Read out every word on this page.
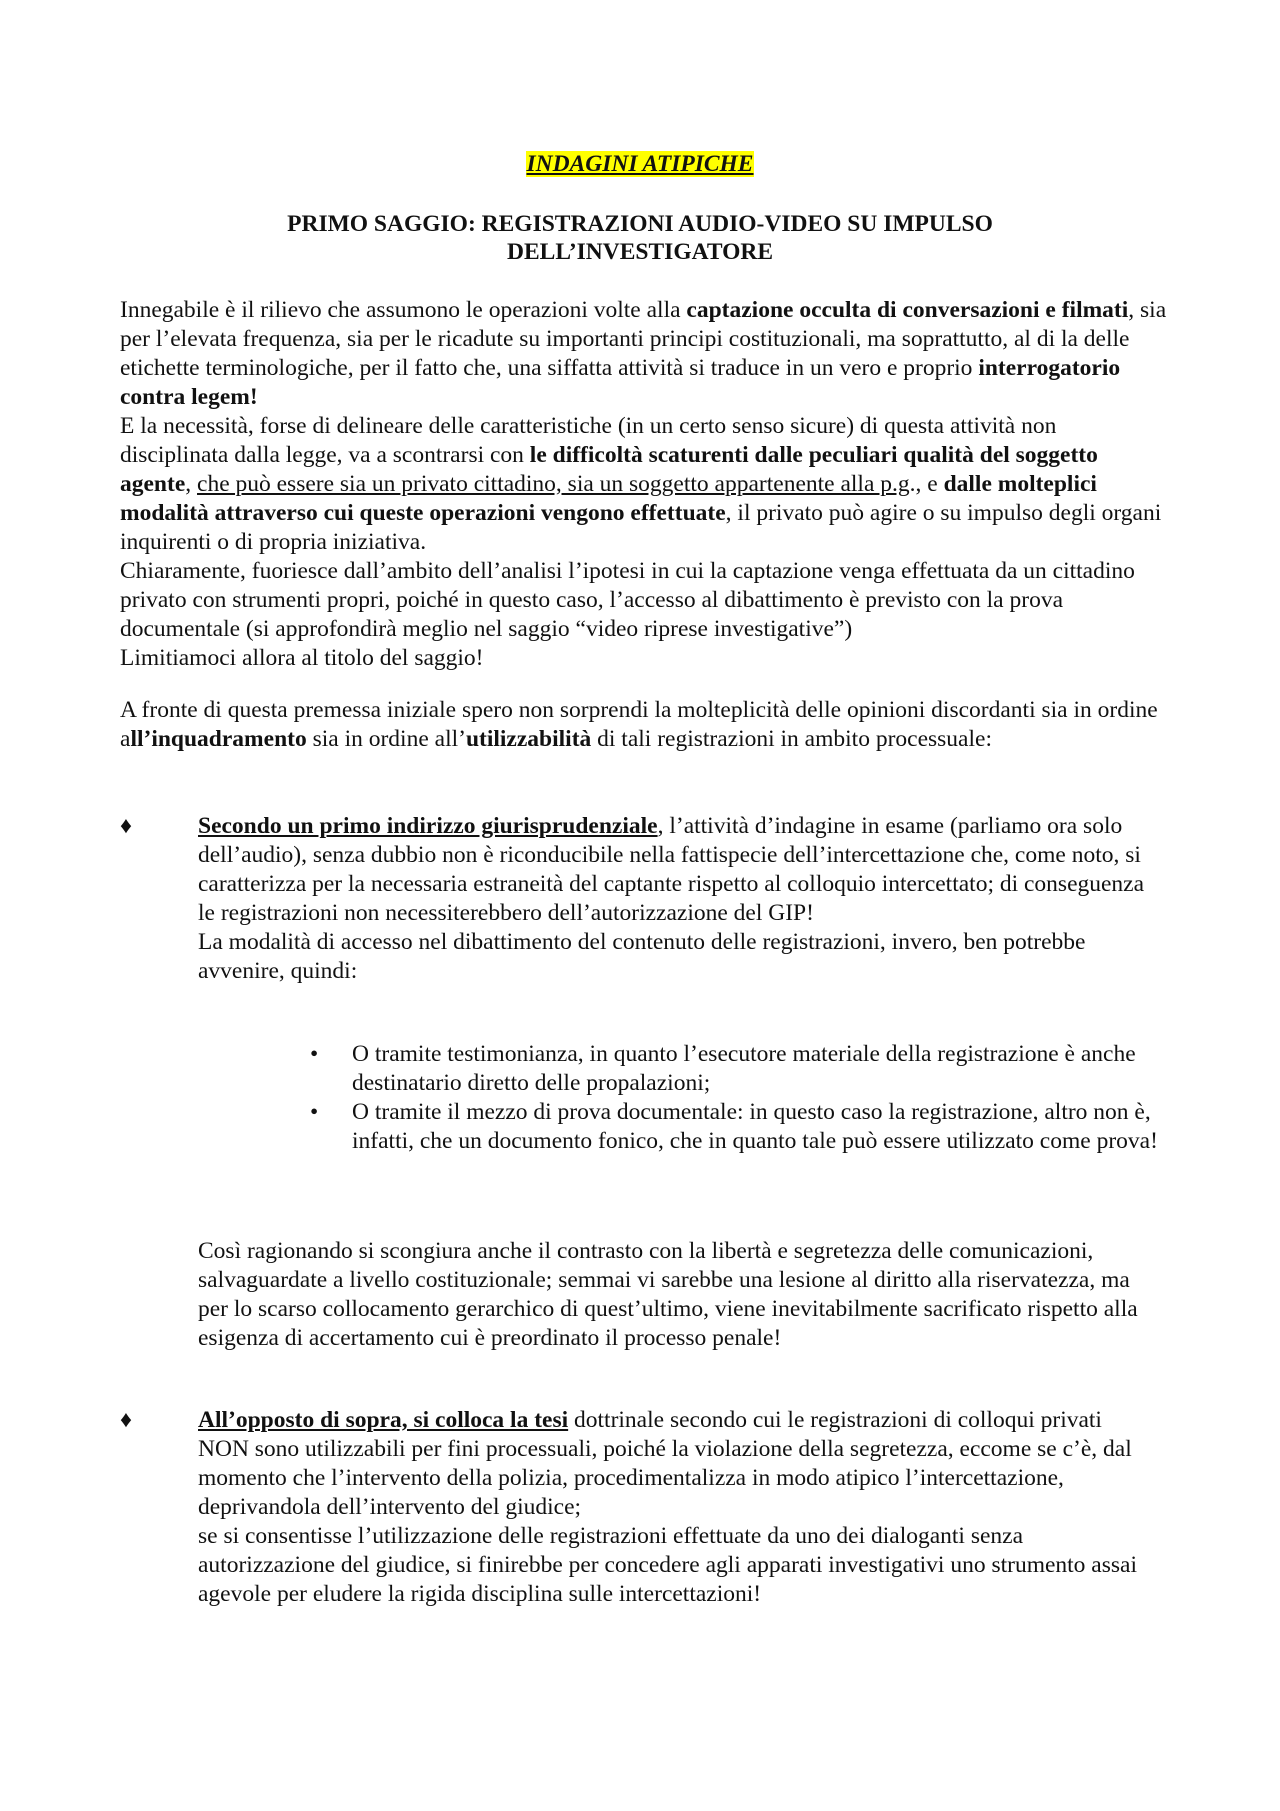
INDAGINI ATIPICHE
PRIMO SAGGIO: REGISTRAZIONI AUDIO-VIDEO SU IMPULSO DELL’INVESTIGATORE

Innegabile è il rilievo che assumono le operazioni volte alla captazione occulta di conversazioni e filmati, sia per l’elevata frequenza, sia per le ricadute su importanti principi costituzionali, ma soprattutto, al di la delle etichette terminologiche, per il fatto che, una siffatta attività si traduce in un vero e proprio interrogatorio contra legem!

E la necessità, forse di delineare delle caratteristiche (in un certo senso sicure) di questa attività non disciplinata dalla legge, va a scontrarsi con le difficoltà scaturenti dalle peculiari qualità del soggetto agente, che può essere sia un privato cittadino, sia un soggetto appartenente alla p.g., e dalle molteplici modalità attraverso cui queste operazioni vengono effettuate, il privato può agire o su impulso degli organi inquirenti o di propria iniziativa.

Chiaramente, fuoriesce dall’ambito dell’analisi l’ipotesi in cui la captazione venga effettuata da un cittadino privato con strumenti propri, poiché in questo caso, l’accesso al dibattimento è previsto con la prova documentale (si approfondirà meglio nel saggio “video riprese investigative”)

Limitiamoci allora al titolo del saggio!

A fronte di questa premessa iniziale spero non sorprendi la molteplicità delle opinioni discordanti sia in ordine all’inquadramento sia in ordine all’utilizzabilità di tali registrazioni in ambito processuale:

♦	Secondo un primo indirizzo giurisprudenziale, l’attività d’indagine in esame (parliamo ora solo dell’audio), senza dubbio non è riconducibile nella fattispecie dell’intercettazione che, come noto, si caratterizza per la necessaria estraneità del captante rispetto al colloquio intercettato; di conseguenza le registrazioni non necessiterebbero dell’autorizzazione del GIP!

La modalità di accesso nel dibattimento del contenuto delle registrazioni, invero, ben potrebbe avvenire, quindi:

• O tramite testimonianza, in quanto l’esecutore materiale della registrazione è anche destinatario diretto delle propalazioni;
• O tramite il mezzo di prova documentale: in questo caso la registrazione, altro non è, infatti, che un documento fonico, che in quanto tale può essere utilizzato come prova!
Così ragionando si scongiura anche il contrasto con la libertà e segretezza delle comunicazioni, salvaguardate a livello costituzionale; semmai vi sarebbe una lesione al diritto alla riservatezza, ma per lo scarso collocamento gerarchico di quest’ultimo, viene inevitabilmente sacrificato rispetto alla esigenza di accertamento cui è preordinato il processo penale!
♦	All’opposto di sopra, si colloca la tesi dottrinale secondo cui le registrazioni di colloqui privati NON sono utilizzabili per fini processuali, poiché la violazione della segretezza, eccome se c’è, dal momento che l’intervento della polizia, procedimentalizza in modo atipico l’intercettazione, deprivandola dell’intervento del giudice;

se si consentisse l’utilizzazione delle registrazioni effettuate da uno dei dialoganti senza autorizzazione del giudice, si finirebbe per concedere agli apparati investigativi uno strumento assai agevole per eludere la rigida disciplina sulle intercettazioni!
